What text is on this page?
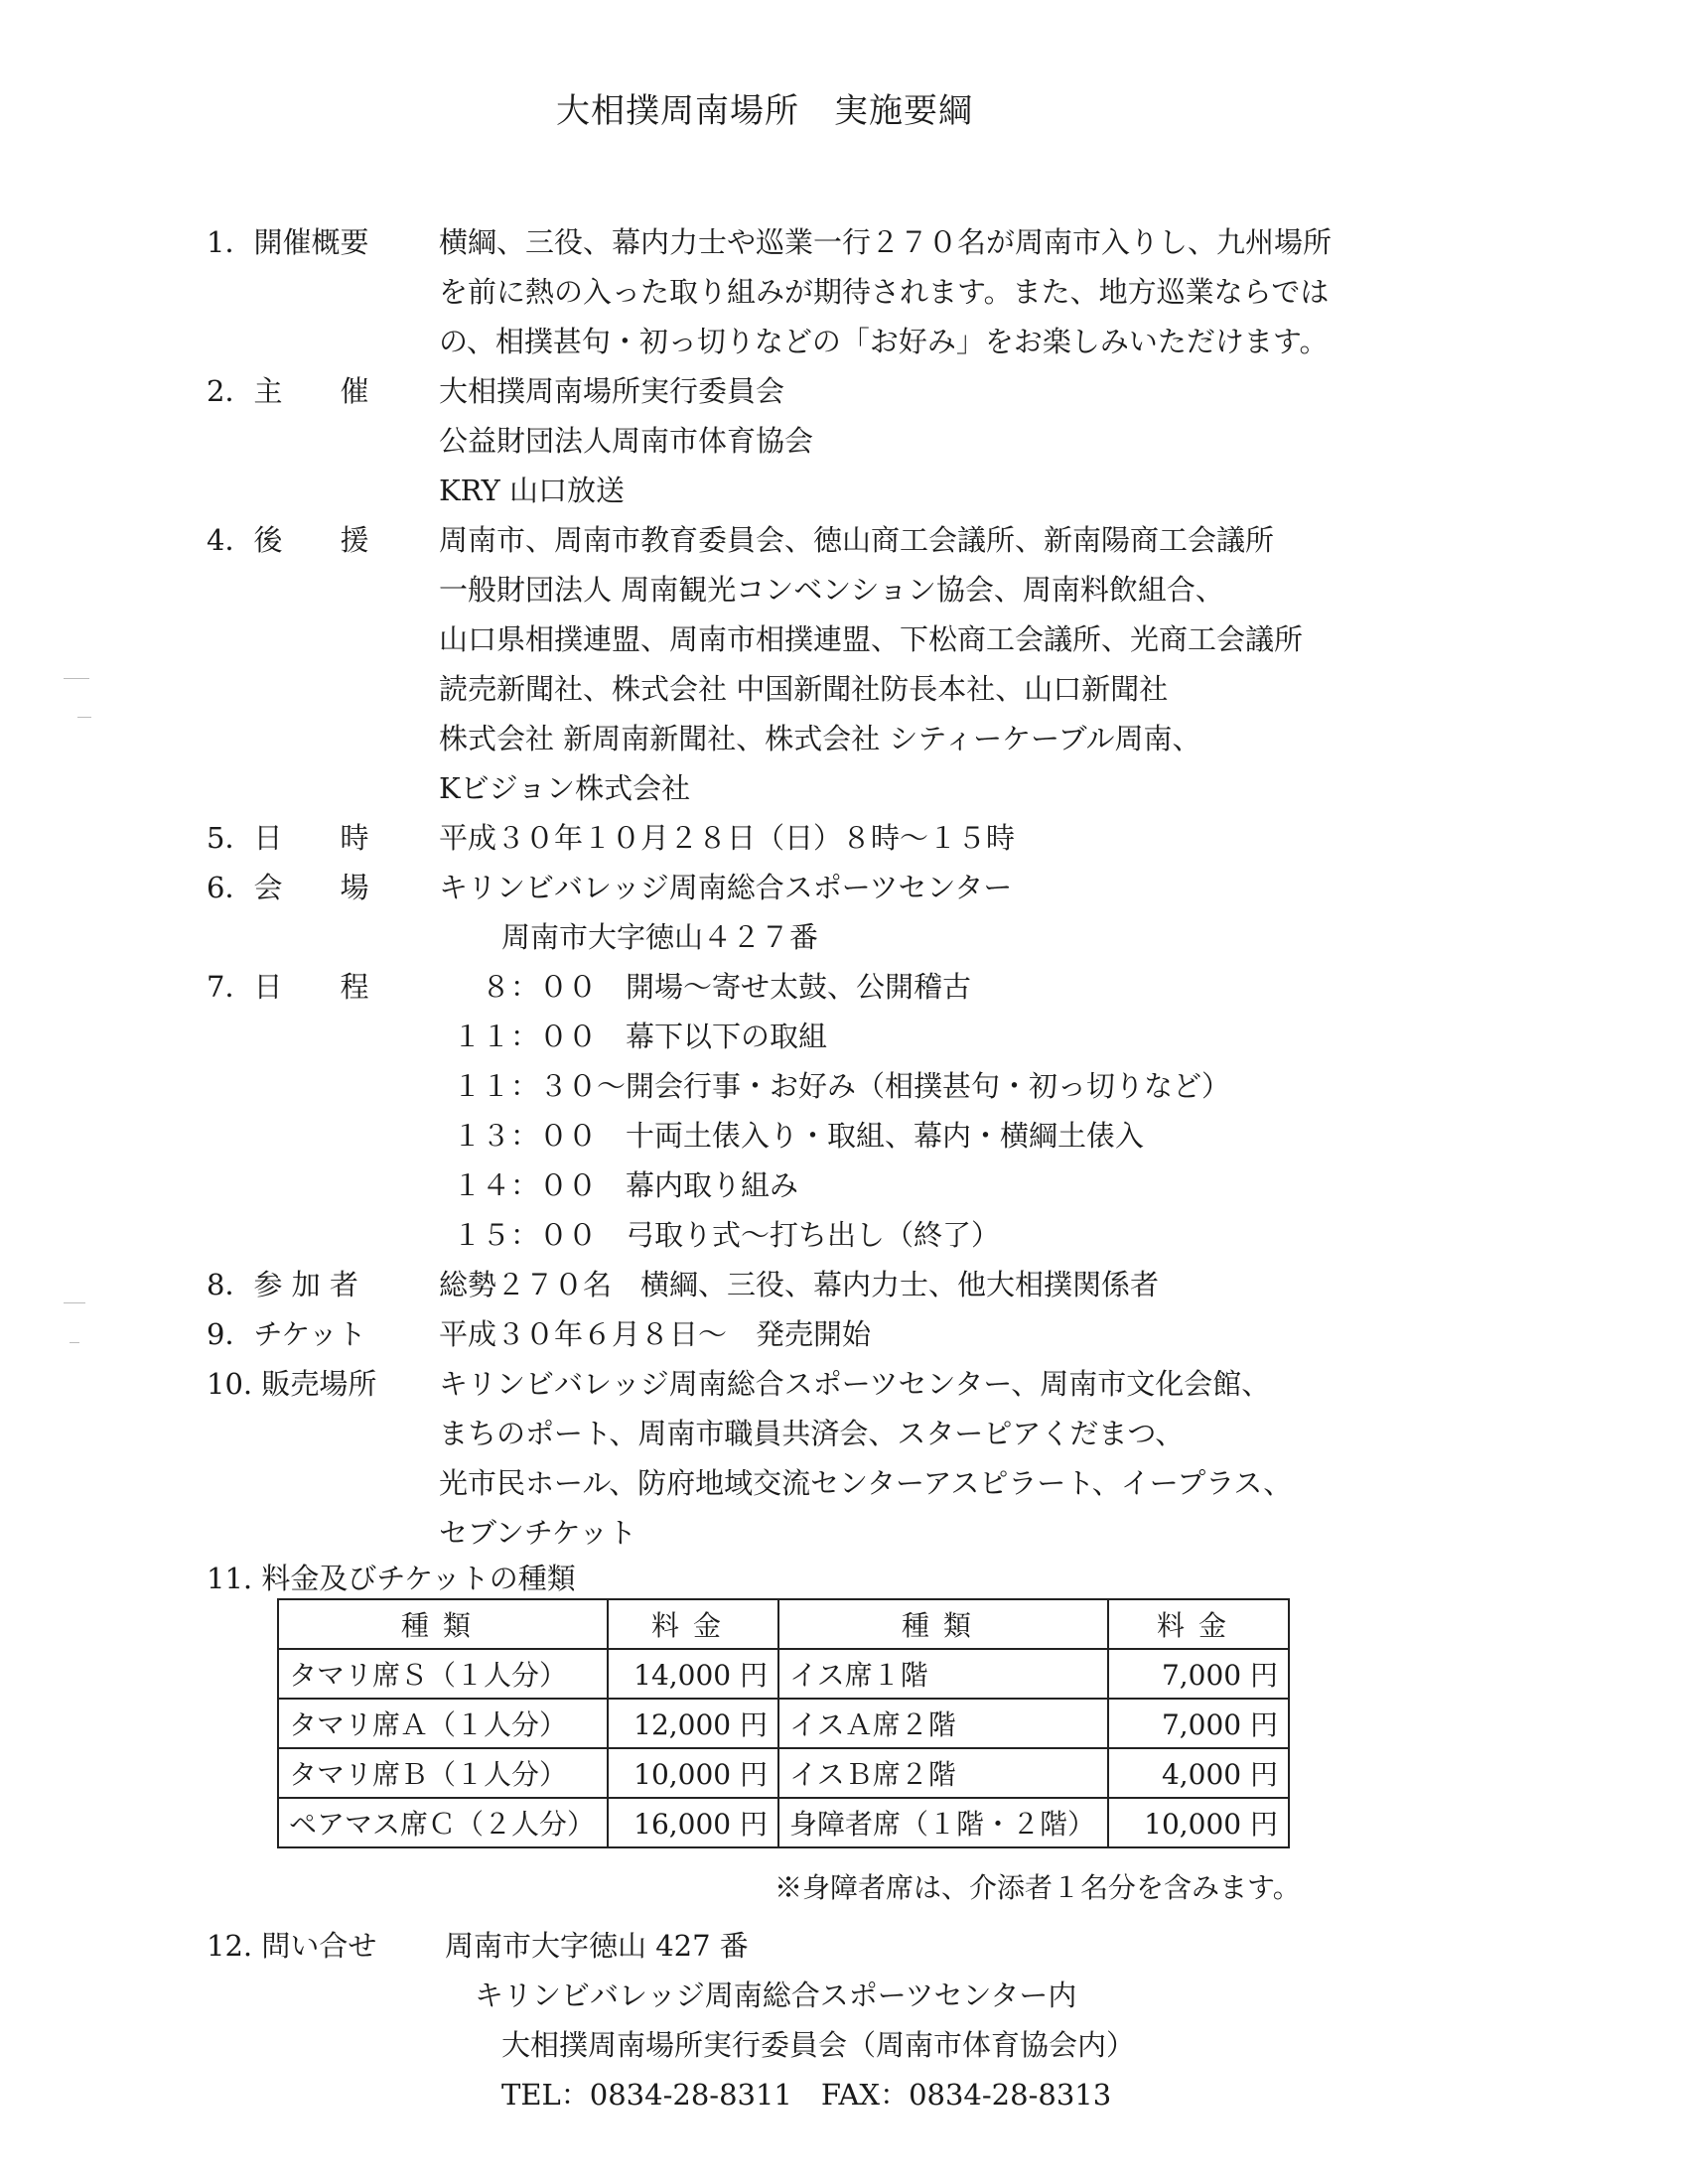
大相撲周南場所　実施要綱
1．開催概要 横綱、三役、幕内力士や巡業一行２７０名が周南市入りし、九州場所
を前に熱の入った取り組みが期待されます。また、地方巡業ならでは
の、相撲甚句・初っ切りなどの「お好み」をお楽しみいただけます。
2．主　　催 大相撲周南場所実行委員会
公益財団法人周南市体育協会
KRY 山口放送
4．後　　援 周南市、周南市教育委員会、徳山商工会議所、新南陽商工会議所
一般財団法人 周南観光コンベンション協会、周南料飲組合、
山口県相撲連盟、周南市相撲連盟、下松商工会議所、光商工会議所
読売新聞社、株式会社 中国新聞社防長本社、山口新聞社
株式会社 新周南新聞社、株式会社 シティーケーブル周南、
Kビジョン株式会社
5．日　　時 平成３０年１０月２８日（日）８時～１５時
6．会　　場 キリンビバレッジ周南総合スポーツセンター
周南市大字徳山４２７番
7．日　　程	　８：００ 開場～寄せ太鼓、公開稽古
１１：００ 幕下以下の取組
１１：３０～開会行事・お好み（相撲甚句・初っ切りなど）
１３：００ 十両土俵入り・取組、幕内・横綱土俵入
１４：００ 幕内取り組み
１５：００ 弓取り式～打ち出し（終了）
8．参 加 者	総勢２７０名　横綱、三役、幕内力士、他大相撲関係者
9．チケット	平成３０年６月８日～　発売開始
10. 販売場所 キリンビバレッジ周南総合スポーツセンター、周南市文化会館、
まちのポート、周南市職員共済会、スターピアくだまつ、
光市民ホール、防府地域交流センターアスピラート、イープラス、
セブンチケット
11. 料金及びチケットの種類
種類	料金	種類	料金
タマリ席Ｓ（１人分）	14,000 円	イス席１階	7,000 円
タマリ席Ａ（１人分）	12,000 円	イスＡ席２階	7,000 円
タマリ席Ｂ（１人分）	10,000 円	イスＢ席２階	4,000 円
ペアマス席Ｃ（２人分）	16,000 円	身障者席（１階・２階）	10,000 円
※身障者席は、介添者１名分を含みます。
12. 問い合せ 周南市大字徳山 427 番
キリンビバレッジ周南総合スポーツセンター内
大相撲周南場所実行委員会（周南市体育協会内）
TEL：0834-28-8311　FAX：0834-28-8313
